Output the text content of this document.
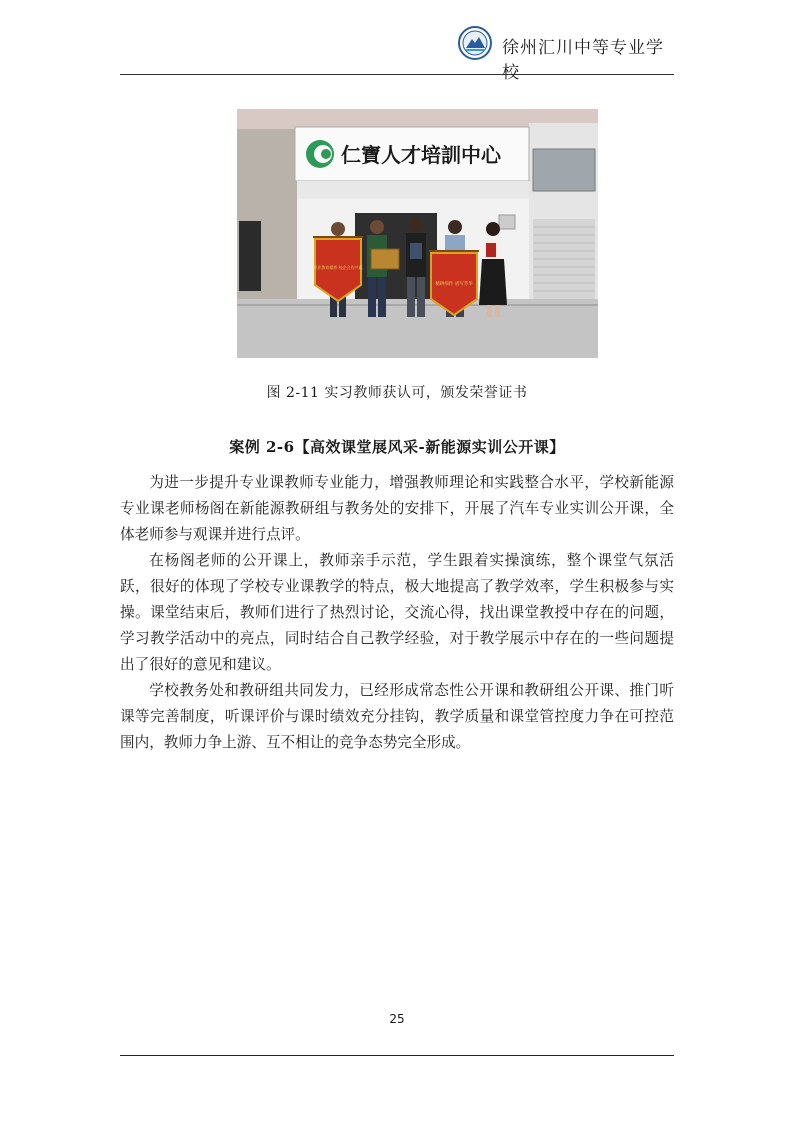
徐州汇川中等专业学校
仁寶人才培訓中心
职业教育精桥 校企合作共赢
精耕细作 谱写芳华
图 2-11 实习教师获认可，颁发荣誉证书
案例 2-6【高效课堂展风采-新能源实训公开课】

为进一步提升专业课教师专业能力，增强教师理论和实践整合水平，学校新能源专业课老师杨阁在新能源教研组与教务处的安排下，开展了汽车专业实训公开课，全体老师参与观课并进行点评。

在杨阁老师的公开课上，教师亲手示范，学生跟着实操演练，整个课堂气氛活跃，很好的体现了学校专业课教学的特点，极大地提高了教学效率，学生积极参与实操。课堂结束后，教师们进行了热烈讨论，交流心得，找出课堂教授中存在的问题，学习教学活动中的亮点，同时结合自己教学经验，对于教学展示中存在的一些问题提出了很好的意见和建议。

学校教务处和教研组共同发力，已经形成常态性公开课和教研组公开课、推门听课等完善制度，听课评价与课时绩效充分挂钩，教学质量和课堂管控度力争在可控范围内，教师力争上游、互不相让的竞争态势完全形成。

25
